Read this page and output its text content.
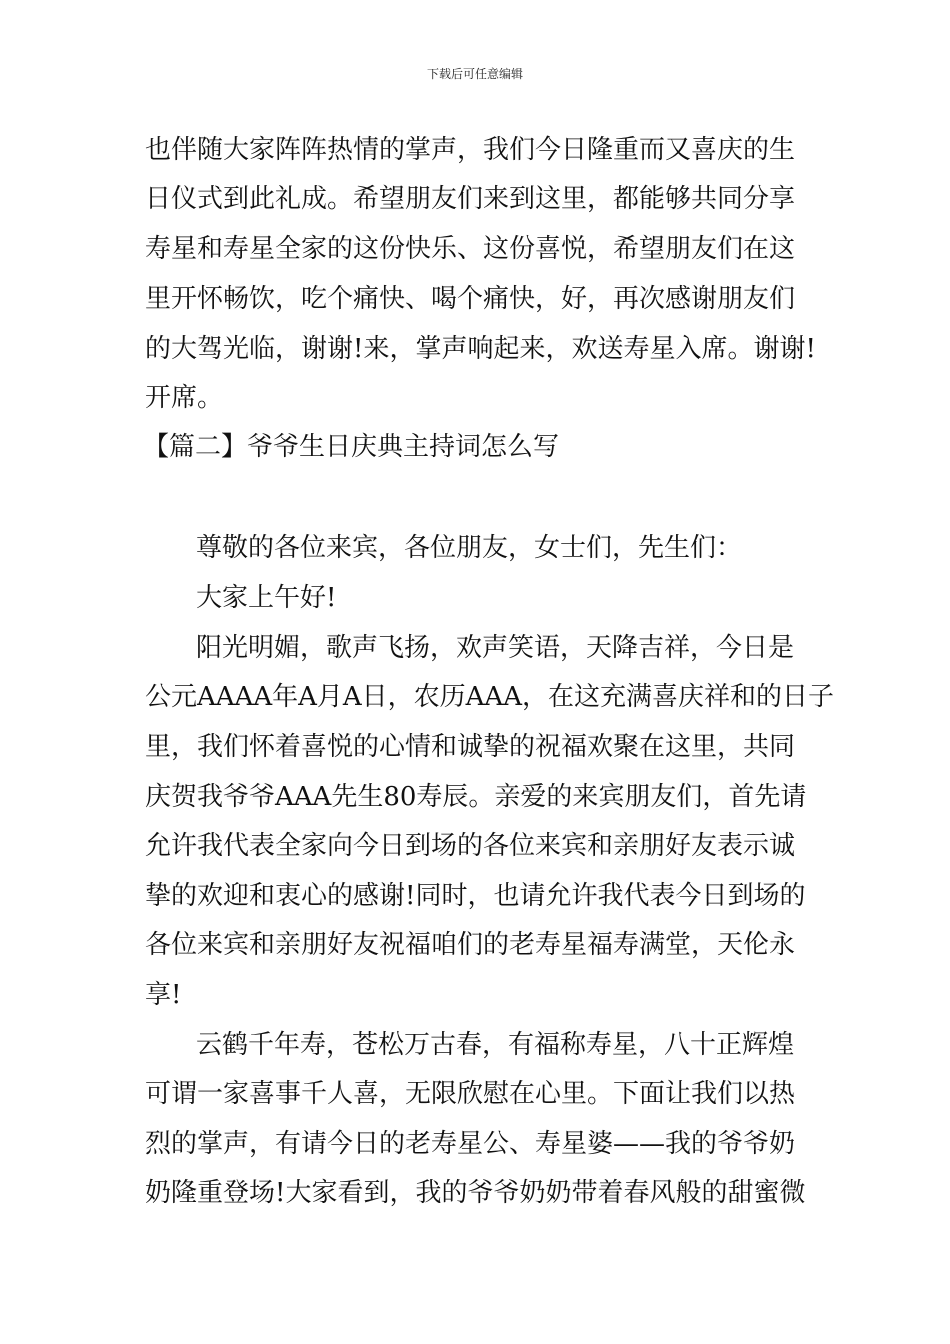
下载后可任意编辑
也伴随大家阵阵热情的掌声，我们今日隆重而又喜庆的生
日仪式到此礼成。希望朋友们来到这里，都能够共同分享
寿星和寿星全家的这份快乐、这份喜悦，希望朋友们在这
里开怀畅饮，吃个痛快、喝个痛快，好，再次感谢朋友们
的大驾光临，谢谢!来，掌声响起来，欢送寿星入席。谢谢!
开席。
【篇二】爷爷生日庆典主持词怎么写
尊敬的各位来宾，各位朋友，女士们，先生们：
大家上午好!
阳光明媚，歌声飞扬，欢声笑语，天降吉祥，今日是
公元AAAA年A月A日，农历AAA，在这充满喜庆祥和的日子
里，我们怀着喜悦的心情和诚挚的祝福欢聚在这里，共同
庆贺我爷爷AAA先生80寿辰。亲爱的来宾朋友们，首先请
允许我代表全家向今日到场的各位来宾和亲朋好友表示诚
挚的欢迎和衷心的感谢!同时，也请允许我代表今日到场的
各位来宾和亲朋好友祝福咱们的老寿星福寿满堂，天伦永
享!
云鹤千年寿，苍松万古春，有福称寿星，八十正辉煌
可谓一家喜事千人喜，无限欣慰在心里。下面让我们以热
烈的掌声，有请今日的老寿星公、寿星婆——我的爷爷奶
奶隆重登场!大家看到，我的爷爷奶奶带着春风般的甜蜜微
